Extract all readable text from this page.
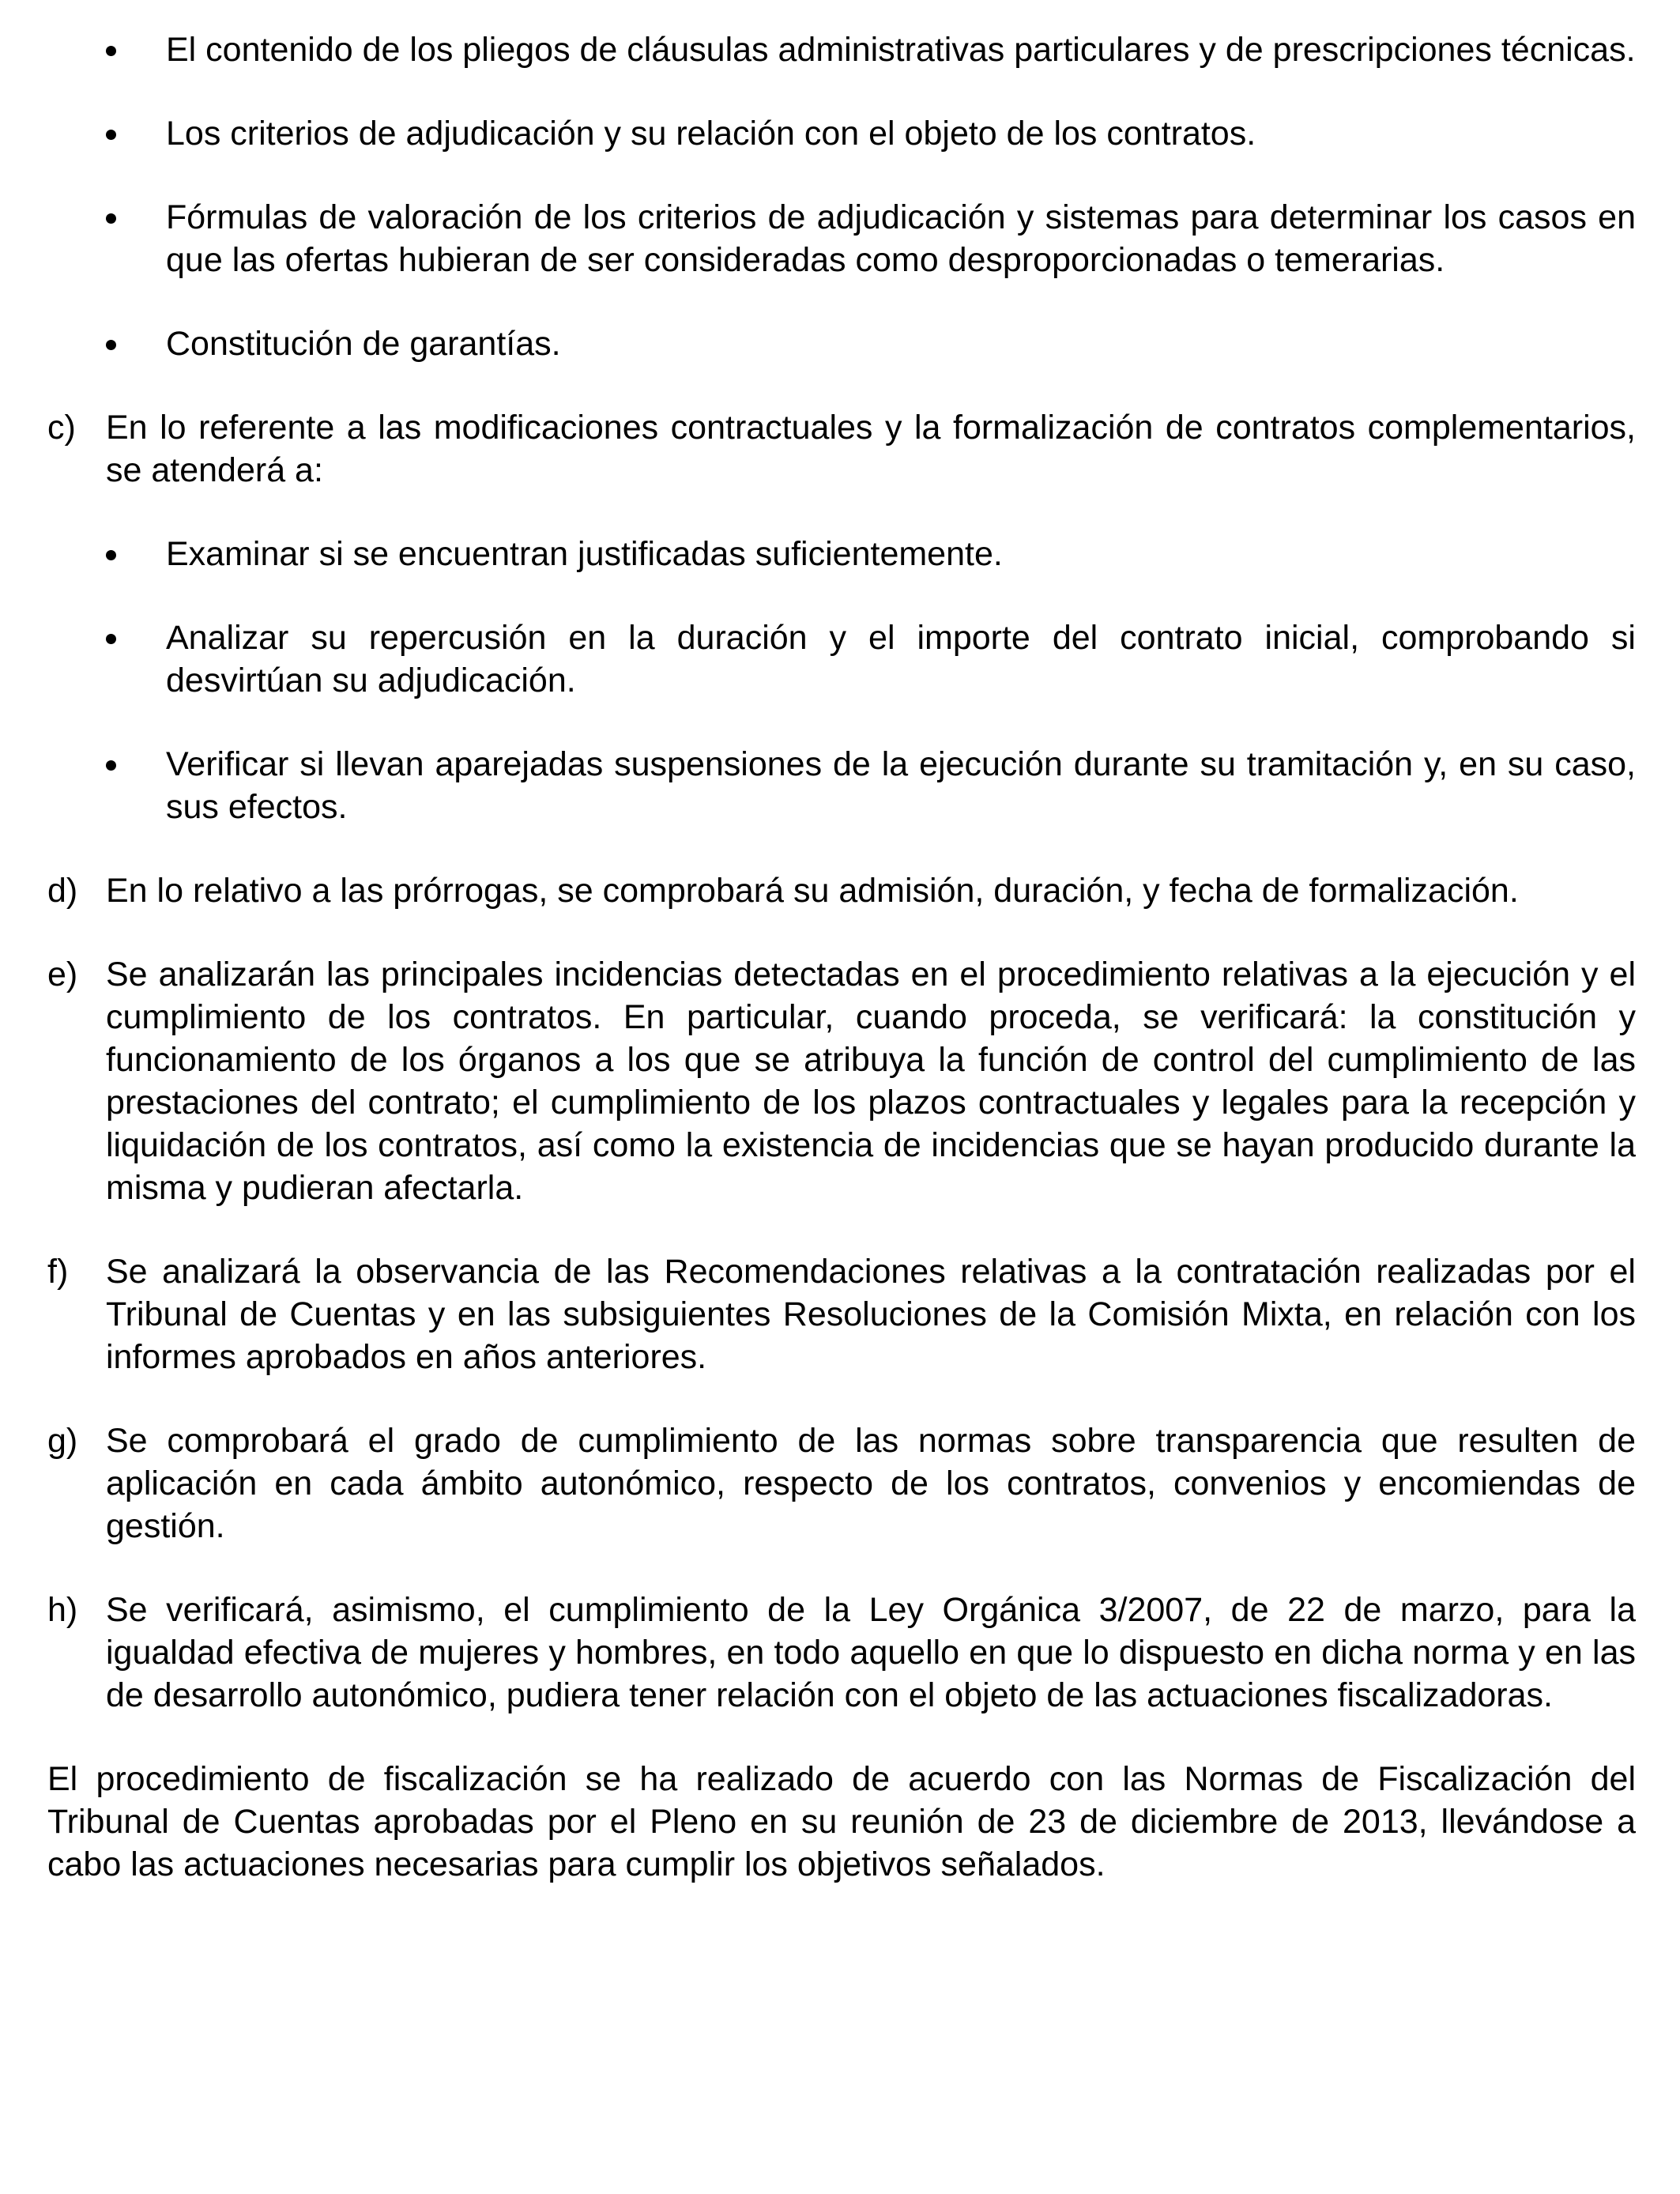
El contenido de los pliegos de cláusulas administrativas particulares y de prescripciones técnicas.
Los criterios de adjudicación y su relación con el objeto de los contratos.
Fórmulas de valoración de los criterios de adjudicación y sistemas para determinar los casos en que las ofertas hubieran de ser consideradas como desproporcionadas o temerarias.
Constitución de garantías.
c) En lo referente a las modificaciones contractuales y la formalización de contratos complementarios, se atenderá a:
Examinar si se encuentran justificadas suficientemente.
Analizar su repercusión en la duración y el importe del contrato inicial, comprobando si desvirtúan su adjudicación.
Verificar si llevan aparejadas suspensiones de la ejecución durante su tramitación y, en su caso, sus efectos.
d) En lo relativo a las prórrogas, se comprobará su admisión, duración, y fecha de formalización.
e) Se analizarán las principales incidencias detectadas en el procedimiento relativas a la ejecución y el cumplimiento de los contratos. En particular, cuando proceda, se verificará: la constitución y funcionamiento de los órganos a los que se atribuya la función de control del cumplimiento de las prestaciones del contrato; el cumplimiento de los plazos contractuales y legales para la recepción y liquidación de los contratos, así como la existencia de incidencias que se hayan producido durante la misma y pudieran afectarla.
f) Se analizará la observancia de las Recomendaciones relativas a la contratación realizadas por el Tribunal de Cuentas y en las subsiguientes Resoluciones de la Comisión Mixta, en relación con los informes aprobados en años anteriores.
g) Se comprobará el grado de cumplimiento de las normas sobre transparencia que resulten de aplicación en cada ámbito autonómico, respecto de los contratos, convenios y encomiendas de gestión.
h) Se verificará, asimismo, el cumplimiento de la Ley Orgánica 3/2007, de 22 de marzo, para la igualdad efectiva de mujeres y hombres, en todo aquello en que lo dispuesto en dicha norma y en las de desarrollo autonómico, pudiera tener relación con el objeto de las actuaciones fiscalizadoras.

El procedimiento de fiscalización se ha realizado de acuerdo con las Normas de Fiscalización del Tribunal de Cuentas aprobadas por el Pleno en su reunión de 23 de diciembre de 2013, llevándose a cabo las actuaciones necesarias para cumplir los objetivos señalados.
